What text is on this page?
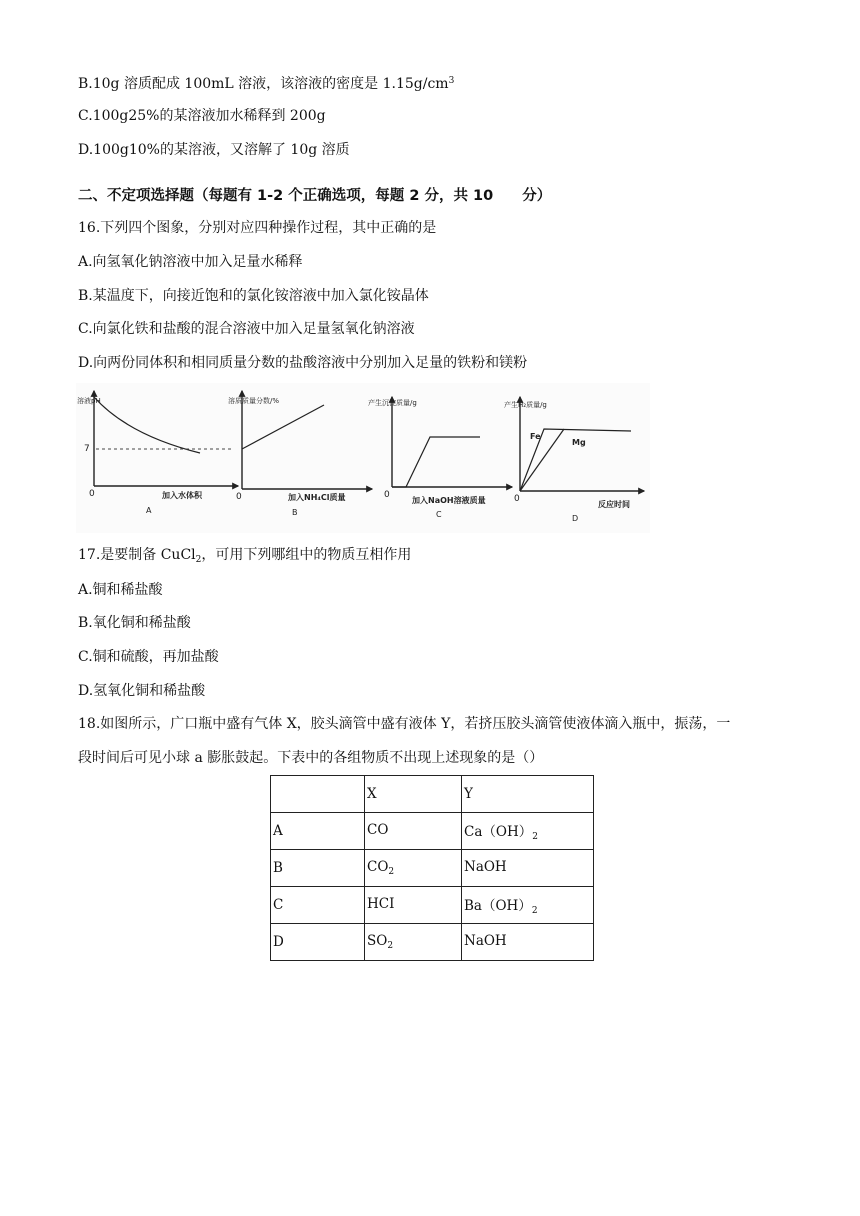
B.10g 溶质配成 100mL 溶液，该溶液的密度是 $1.15g/cm^3$
C.100g25%的某溶液加水稀释到 200g
D.100g10%的某溶液，又溶解了 10g 溶质
二、不定项选择题（每题有 1-2 个正确选项，每题 2 分，共 10　　分）
16.下列四个图象，分别对应四种操作过程，其中正确的是
A.向氢氧化钠溶液中加入足量水稀释
B.某温度下，向接近饱和的氯化铵溶液中加入氯化铵晶体
C.向氯化铁和盐酸的混合溶液中加入足量氢氧化钠溶液
D.向两份同体积和相同质量分数的盐酸溶液中分别加入足量的铁粉和镁粉
溶液pH
7
0	加入水体积
A
溶质质量分数/%
0	加入NH₄Cl质量
B
产生沉淀质量/g
0
加入NaOH溶液质量
C
产生H₂质量/g
Fe
Mg
0
反应时间
D
17.是要制备 CuCl$_2$，可用下列哪组中的物质互相作用
A.铜和稀盐酸
B.氧化铜和稀盐酸
C.铜和硫酸，再加盐酸
D.氢氧化铜和稀盐酸
18.如图所示，广口瓶中盛有气体 X，胶头滴管中盛有液体 Y，若挤压胶头滴管使液体滴入瓶中，振荡，一
段时间后可见小球 a 膨胀鼓起。下表中的各组物质不出现上述现象的是（）
	X	Y
A	CO	$Ca(OH)_2$
B	$CO_2$	NaOH
C	HCI	$Ba(OH)_2$
D	$SO_2$	NaOH
